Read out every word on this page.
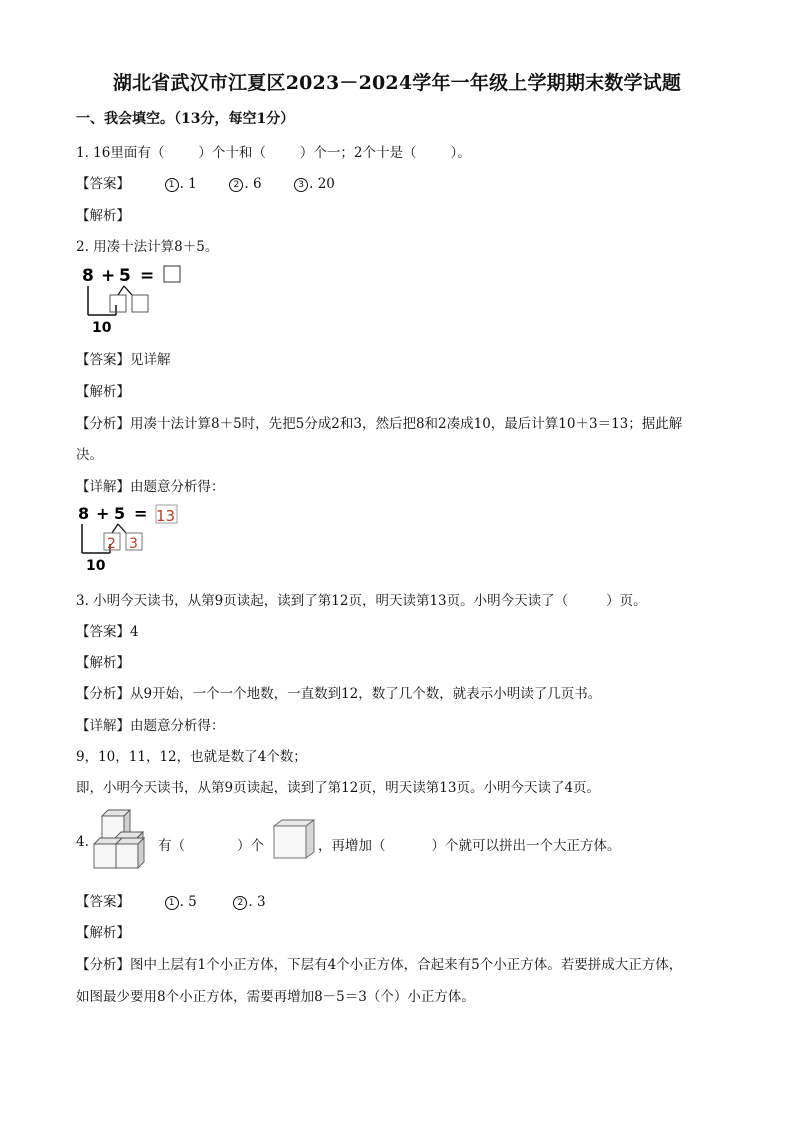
湖北省武汉市江夏区2023－2024学年一年级上学期期末数学试题
一、我会填空。（13分，每空1分）
1. 16里面有（	）个十和（	）个一；2个十是（	）。
【答案】	1 . 1	2 . 6	3 . 20
【解析】
2. 用凑十法计算8＋5。
8 + 5 =
10
【答案】见详解
【解析】
【分析】用凑十法计算8＋5时，先把5分成2和3，然后把8和2凑成10，最后计算10＋3＝13；据此解
决。
【详解】由题意分析得：
8 + 5 = 13
2 3
10
3. 小明今天读书，从第9页读起，读到了第12页，明天读第13页。小明今天读了（	）页。
【答案】4
【解析】
【分析】从9开始，一个一个地数，一直数到12，数了几个数，就表示小明读了几页书。
【详解】由题意分析得：
9，10，11，12，也就是数了4个数；
即，小明今天读书，从第9页读起，读到了第12页，明天读第13页。小明今天读了4页。
4.	有（	）个	，再增加（	）个就可以拼出一个大正方体。
【答案】	1 . 5	2 . 3
【解析】
【分析】图中上层有1个小正方体，下层有4个小正方体，合起来有5个小正方体。若要拼成大正方体，
如图最少要用8个小正方体，需要再增加8－5＝3（个）小正方体。
